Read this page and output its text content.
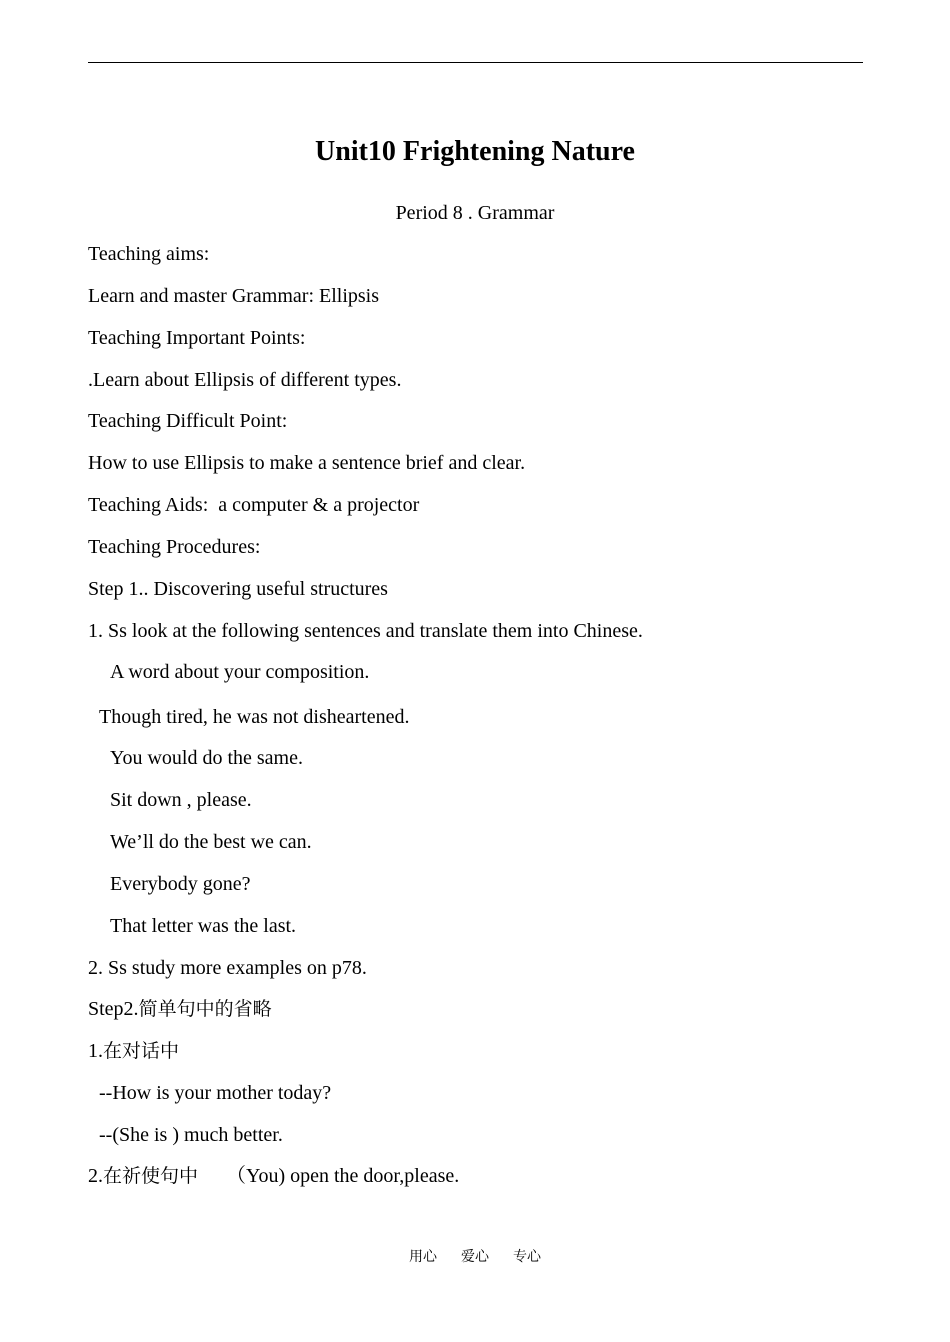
Unit10 Frightening Nature
Period 8 . Grammar
Teaching aims:
Learn and master Grammar: Ellipsis
Teaching Important Points:
.Learn about Ellipsis of different types.
Teaching Difficult Point:
How to use Ellipsis to make a sentence brief and clear.
Teaching Aids:  a computer & a projector
Teaching Procedures:
Step 1.. Discovering useful structures
1. Ss look at the following sentences and translate them into Chinese.
A word about your composition.
Though tired, he was not disheartened.
You would do the same.
Sit down , please.
We’ll do the best we can.
Everybody gone?
That letter was the last.
2. Ss study more examples on p78.
Step2.简单句中的省略
1.在对话中
--How is your mother today?
--(She is ) much better.
2.在祈使句中 （You) open the door,please.
用心 爱心 专心
